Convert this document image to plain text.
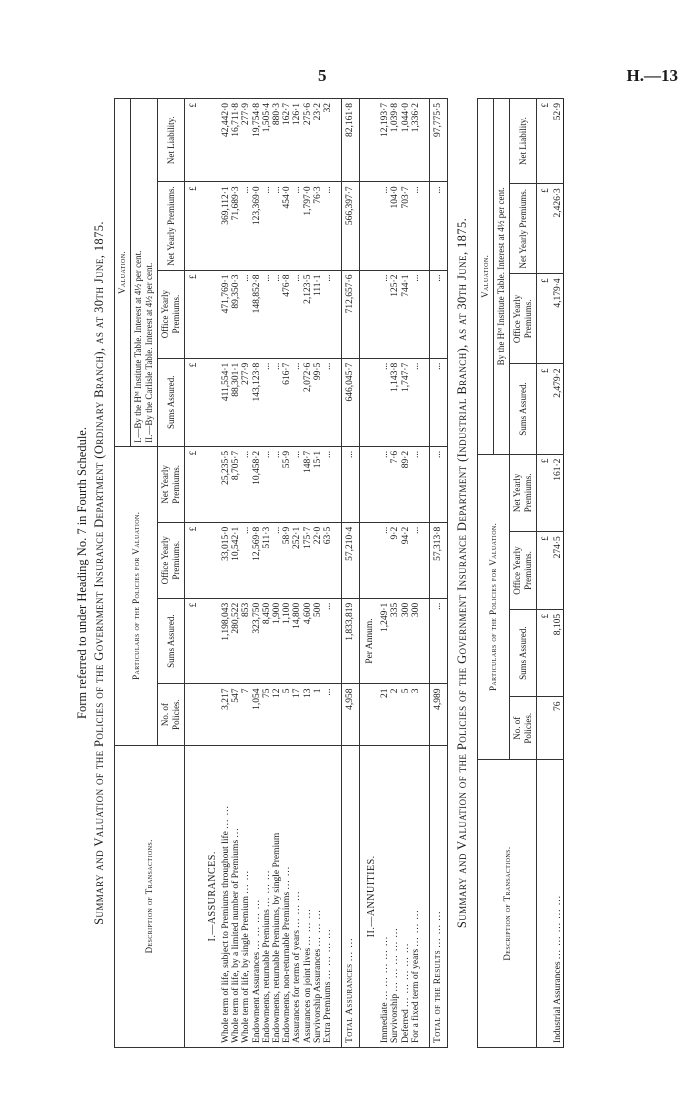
5	H.—13

Form referred to under Heading No. 7 in Fourth Schedule. Summary and Valuation of the Policies of the Government Insurance Department (Ordinary Branch), as at 30th June, 1875.	Description of Transactions.	Particulars of the Policies for Valuation.				Valuation.			

					I.—By the Hᴹ Institute Table. Interest at 4½ per cent. II.—By the Carlisle Table. Interest at 4½ per cent.			

	No. of Policies.	Sums Assured.	Office Yearly Premiums.	Net Yearly Premiums.	Sums Assured.	Office Yearly Premiums.	Net Yearly Premiums.	Net Liability.
		£	£	£	£	£	£	£
I.—ASSURANCES.								
Whole term of life, subject to Premiums throughout life ... ...	3,217	1,198,043	33,015·0	25,235·5	411,554·1	471,769·1	369,112·1	42,442·0
Whole term of life, by a limited number of Premiums ...	547	280,522	10,542·1	8,705·7	88,301·1	89,350·3	71,689·3	16,711·8
Whole term of life, by single Premium ... ...	7	853	...	...	277·9	...	...	277·9
Endowment Assurances ... ... ... ...	1,054	323,750	12,569·8	10,458·2	143,123·8	148,852·8	123,369·0	19,754·8
Endowments, returnable Premiums ... ... ...	75	8,450	511·3	...	...	...	...	1,505·4
Endowments, returnable Premiums, by single Premium	12	1,900	...	...	...	...	...	880·3
Endowments, non-returnable Premiums ... ...	5	1,100	58·9	55·9	616·7	476·8	454·0	162·7
Assurances for terms of years ... ... ...	17	14,800	252·1	...	...	...	...	126·1
Assurances on joint lives ... ... ...	13	4,600	175·7	148·7	2,072·6	2,123·5	1,797·0	275·6
Survivorship Assurances ... ... ...	1	500	22·0	15·1	99·5	111·1	76·3	23·2
Extra Premiums ... ... ... ...	...	...	63·5	...	...	...	...	32

Total Assurances ... ...	4,958	1,833,819	57,210·4	...	646,045·7	712,657·6	566,397·7	82,161·8
II.—ANNUITIES.		Per Annum.						
Immediate ... ... ... ... ...	21	1,249·1	...	...	...	...	...	12,193·7
Survivorship ... ... ... ... ...	2	335	9·2	7·6	1,143·8	125·2	104·0	1,039·8
Deferred ... ... ... ... ...	5	300	94·2	89·2	1,747·7	744·1	703·7	1,044·0
For a fixed term of years ... ... ...	3	300	...	...	...	...	...	1,336·2

Total of the Results ... ... ...	4,989	...	57,313·8	...	...	...	...	97,775·5

Summary and Valuation of the Policies of the Government Insurance Department (Industrial Branch), as at 30th June, 1875.	Description of Transactions.	Particulars of the Policies for Valuation.				Valuation.			
					By the Hᴹ Institute Table. Interest at 4½ per cent.			
	No. of Policies.	Sums Assured.	Office Yearly Premiums.	Net Yearly Premiums.	Sums Assured.	Office Yearly Premiums.	Net Yearly Premiums.	Net Liability.
		£	£	£	£	£	£	£
Industrial Assurances ... ... ... ... ...	76	8,105	274·5	161·2	2,479·2	4,179·4	2,426·3	52·9
